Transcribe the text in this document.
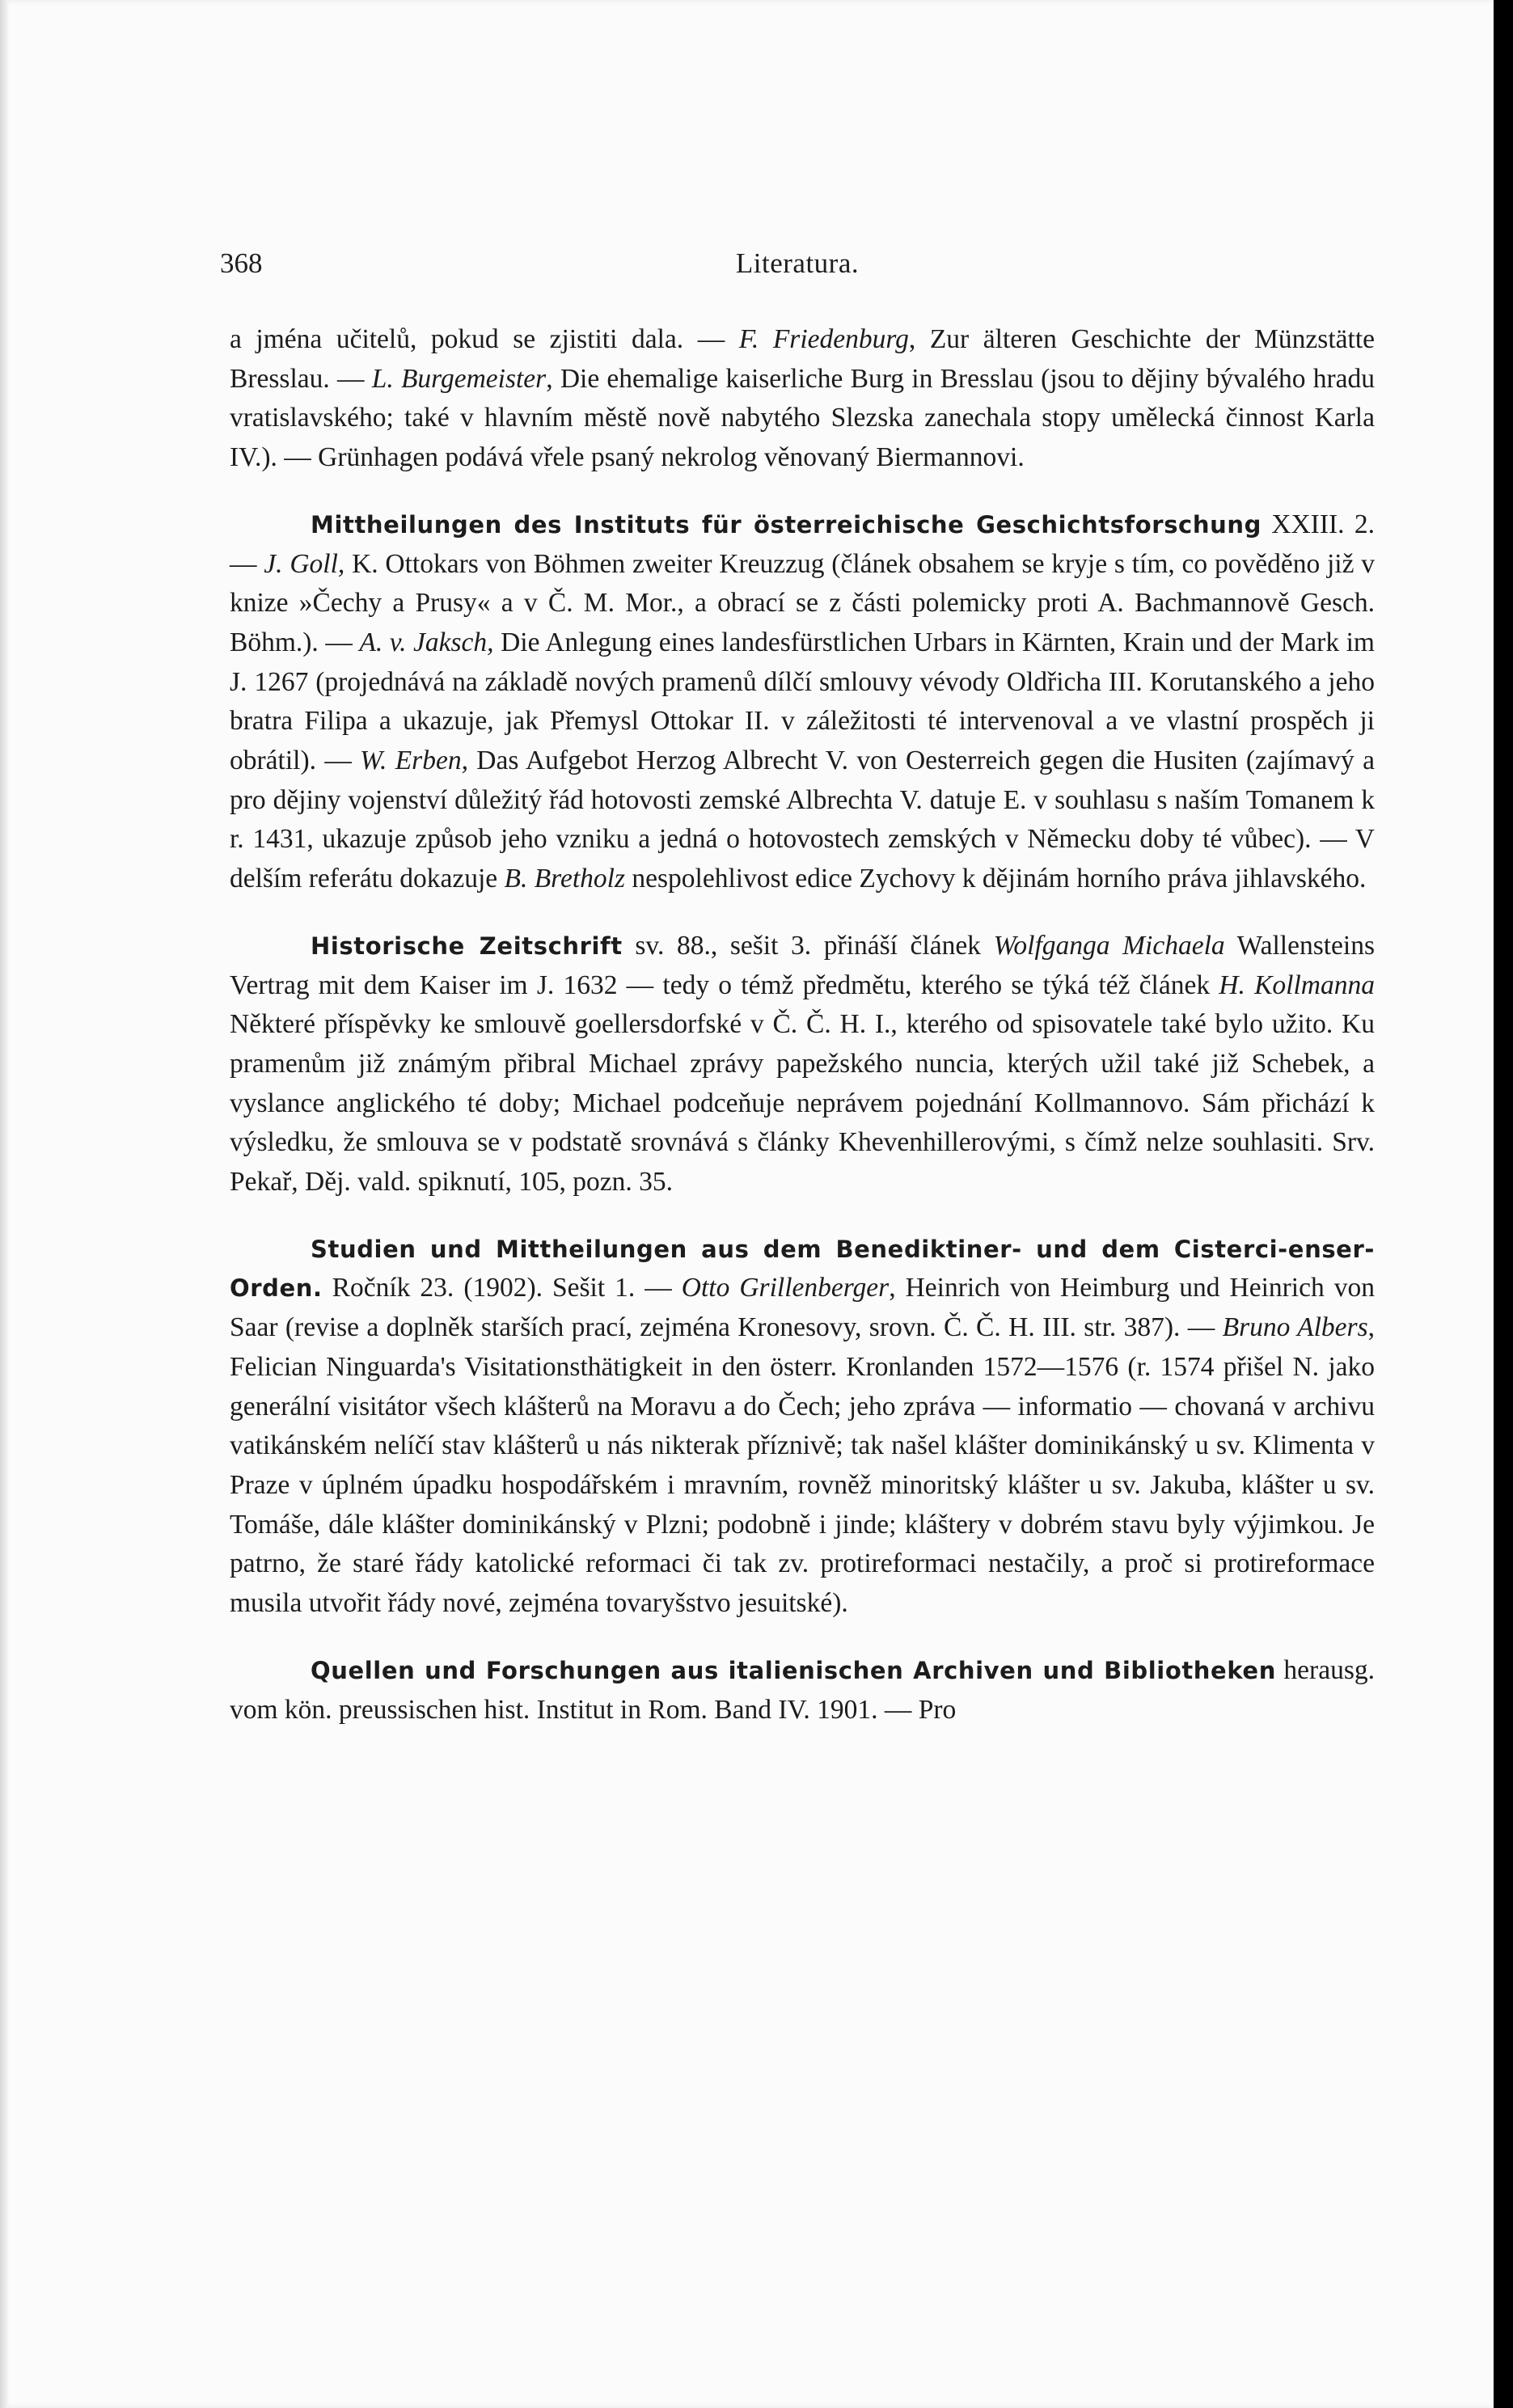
368	Literatura.

a jména učitelů, pokud se zjistiti dala. — F. Friedenburg, Zur älteren Geschichte der Münzstätte Bresslau. — L. Burgemeister, Die ehemalige kaiserliche Burg in Bresslau (jsou to dějiny bývalého hradu vratislavského; také v hlavním městě nově nabytého Slezska zanechala stopy umělecká činnost Karla IV.). — Grünhagen podává vřele psaný nekrolog věnovaný Biermannovi.

Mittheilungen des Instituts für österreichische Geschichtsforschung XXIII. 2. — J. Goll, K. Ottokars von Böhmen zweiter Kreuzzug (článek obsahem se kryje s tím, co pověděno již v knize »Čechy a Prusy« a v Č. M. Mor., a obrací se z části polemicky proti A. Bachmannově Gesch. Böhm.). — A. v. Jaksch, Die Anlegung eines landesfürstlichen Urbars in Kärnten, Krain und der Mark im J. 1267 (projednává na základě nových pramenů dílčí smlouvy vévody Oldřicha III. Korutanského a jeho bratra Filipa a ukazuje, jak Přemysl Ottokar II. v záležitosti té intervenoval a ve vlastní prospěch ji obrátil). — W. Erben, Das Aufgebot Herzog Albrecht V. von Oesterreich gegen die Husiten (zajímavý a pro dějiny vojenství důležitý řád hotovosti zemské Albrechta V. datuje E. v souhlasu s naším Tomanem k r. 1431, ukazuje způsob jeho vzniku a jedná o hotovostech zemských v Německu doby té vůbec). — V delším referátu dokazuje B. Bretholz nespolehlivost edice Zychovy k dějinám horního práva jihlavského.

Historische Zeitschrift sv. 88., sešit 3. přináší článek Wolfganga Michaela Wallensteins Vertrag mit dem Kaiser im J. 1632 — tedy o témž předmětu, kterého se týká též článek H. Kollmanna Některé příspěvky ke smlouvě goellersdorfské v Č. Č. H. I., kterého od spisovatele také bylo užito. Ku pramenům již známým přibral Michael zprávy papežského nuncia, kterých užil také již Schebek, a vyslance anglického té doby; Michael podceňuje neprávem pojednání Kollmannovo. Sám přichází k výsledku, že smlouva se v podstatě srovnává s články Khevenhillerovými, s čímž nelze souhlasiti. Srv. Pekař, Děj. vald. spiknutí, 105, pozn. 35.

Studien und Mittheilungen aus dem Benediktiner- und dem Cisterci-enser-Orden. Ročník 23. (1902). Sešit 1. — Otto Grillenberger, Heinrich von Heimburg und Heinrich von Saar (revise a doplněk starších prací, zejména Kronesovy, srovn. Č. Č. H. III. str. 387). — Bruno Albers, Felician Ninguarda's Visitationsthätigkeit in den österr. Kronlanden 1572—1576 (r. 1574 přišel N. jako generální visitátor všech klášterů na Moravu a do Čech; jeho zpráva — informatio — chovaná v archivu vatikánském nelíčí stav klášterů u nás nikterak příznivě; tak našel klášter dominikánský u sv. Klimenta v Praze v úplném úpadku hospodářském i mravním, rovněž minoritský klášter u sv. Jakuba, klášter u sv. Tomáše, dále klášter dominikánský v Plzni; podobně i jinde; kláštery v dobrém stavu byly výjimkou. Je patrno, že staré řády katolické reformaci či tak zv. protireformaci nestačily, a proč si protireformace musila utvořit řády nové, zejména tovaryšstvo jesuitské).

Quellen und Forschungen aus italienischen Archiven und Bibliotheken herausg. vom kön. preussischen hist. Institut in Rom. Band IV. 1901. — Pro
